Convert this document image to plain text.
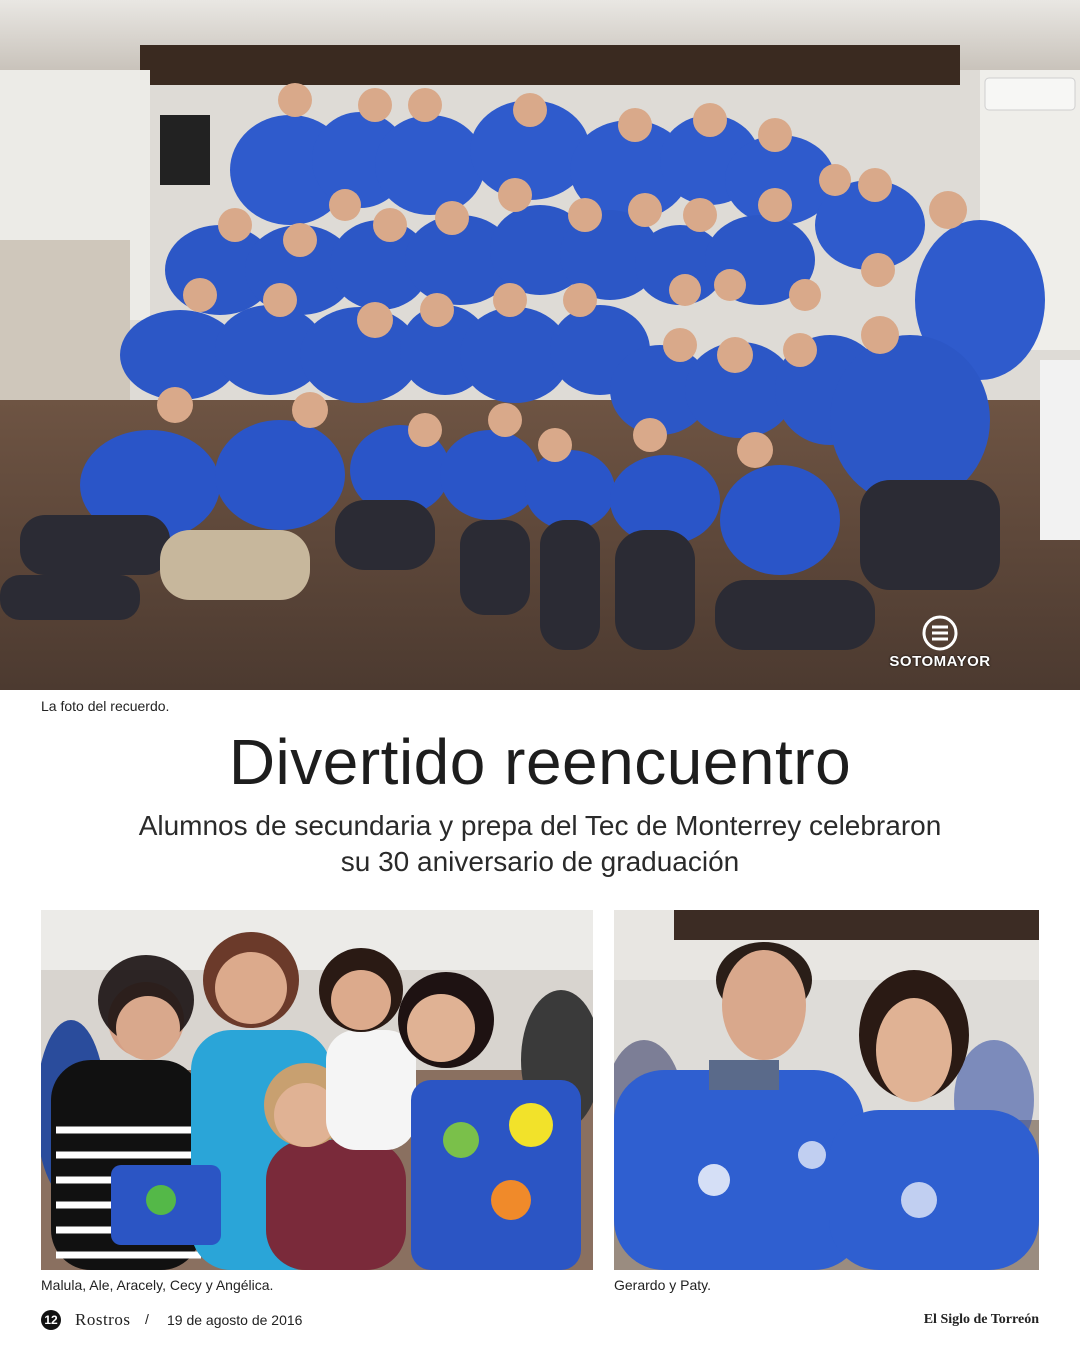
SOTOMAYOR
La foto del recuerdo.
Divertido reencuentro
Alumnos de secundaria y prepa del Tec de Monterrey celebraron
su 30 aniversario de graduación
Malula, Ale, Aracely, Cecy y Angélica.	Gerardo y Paty.
12 Rostros / 19 de agosto de 2016	El Siglo de Torreón
